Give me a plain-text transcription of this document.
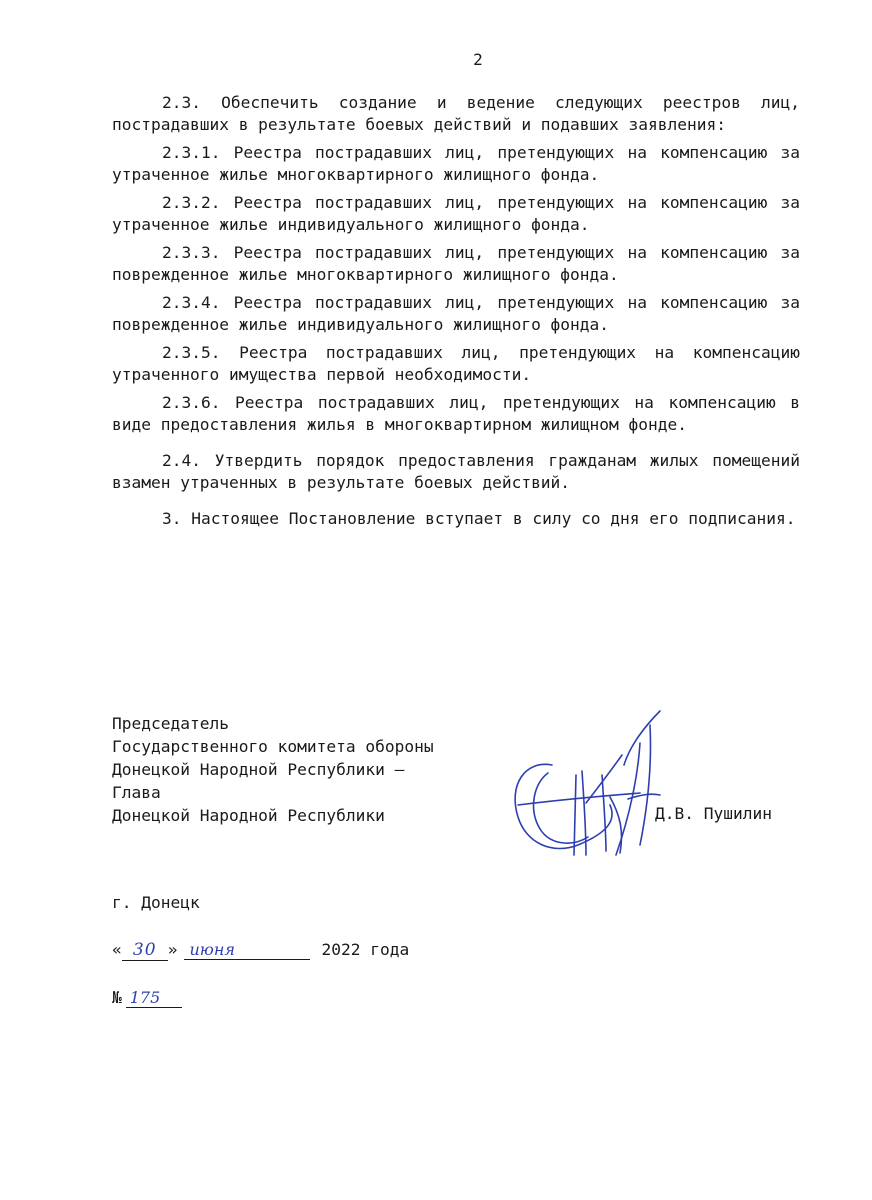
2

2.3. Обеспечить создание и ведение следующих реестров лиц, пострадавших в результате боевых действий и подавших заявления:

2.3.1. Реестра пострадавших лиц, претендующих на компенсацию за утраченное жилье многоквартирного жилищного фонда.

2.3.2. Реестра пострадавших лиц, претендующих на компенсацию за утраченное жилье индивидуального жилищного фонда.

2.3.3. Реестра пострадавших лиц, претендующих на компенсацию за поврежденное жилье многоквартирного жилищного фонда.

2.3.4. Реестра пострадавших лиц, претендующих на компенсацию за поврежденное жилье индивидуального жилищного фонда.

2.3.5. Реестра пострадавших лиц, претендующих на компенсацию утраченного имущества первой необходимости.

2.3.6. Реестра пострадавших лиц, претендующих на компенсацию в виде предоставления жилья в многоквартирном жилищном фонде.

2.4. Утвердить порядок предоставления гражданам жилых помещений взамен утраченных в результате боевых действий.

3. Настоящее Постановление вступает в силу со дня его подписания.

Председатель
Государственного комитета обороны
Донецкой Народной Республики –
Глава
Донецкой Народной Республики	Д.В. Пушилин
г. Донецк
« 30 » июня	2022 года
№ 175
